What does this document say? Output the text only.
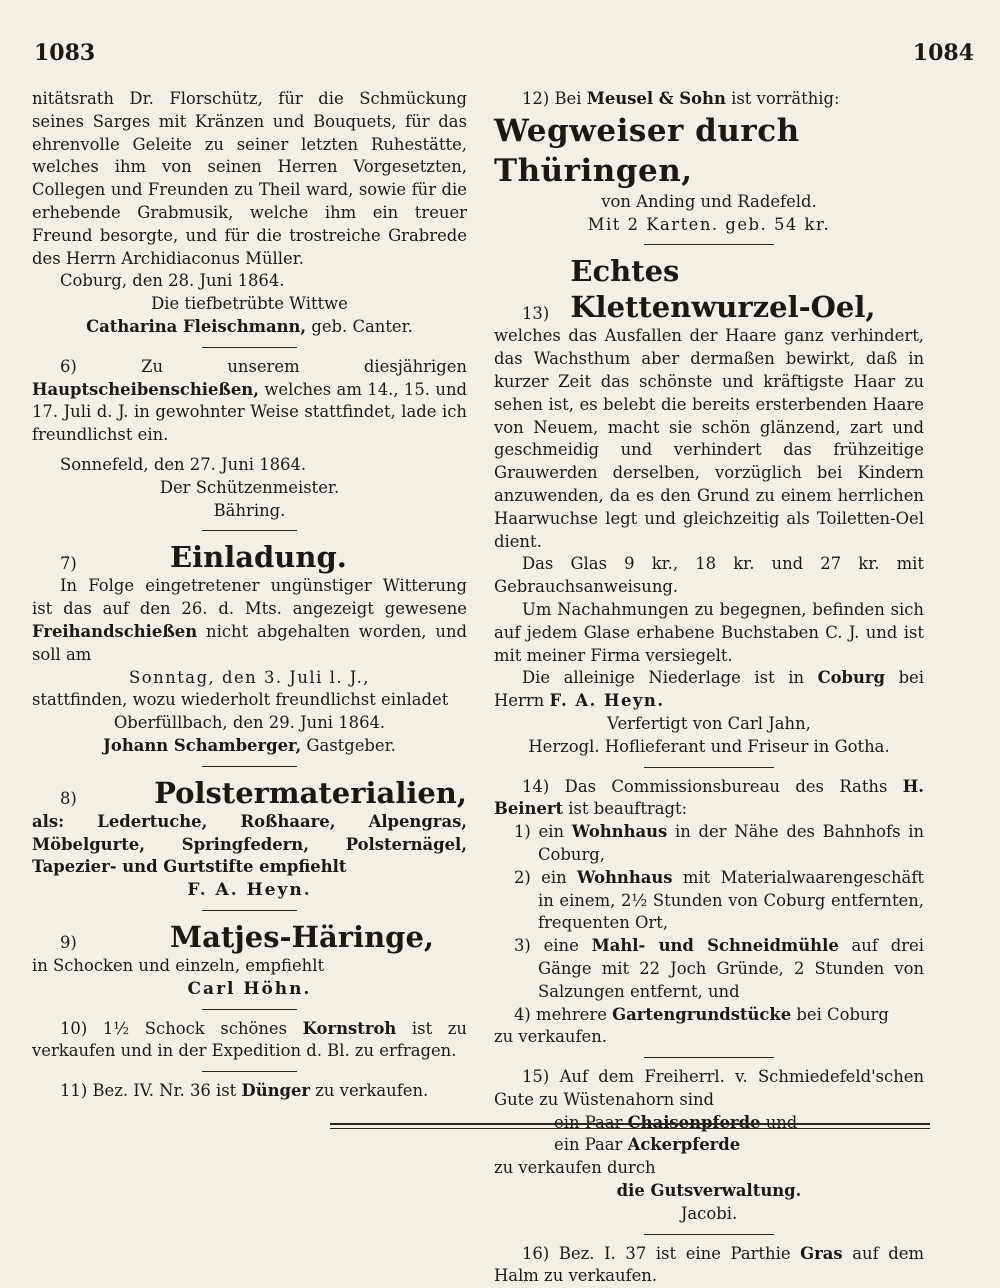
1083	1084

nitätsrath Dr. Florschütz, für die Schmückung seines Sarges mit Kränzen und Bouquets, für das ehrenvolle Geleite zu seiner letzten Ruhestätte, welches ihm von seinen Herren Vorgesetzten, Collegen und Freunden zu Theil ward, sowie für die erhebende Grabmusik, welche ihm ein treuer Freund besorgte, und für die trostreiche Grabrede des Herrn Archidiaconus Müller.

Coburg, den 28. Juni 1864.

Die tiefbetrübte Wittwe

Catharina Fleischmann, geb. Canter.

6)	Zu unserem diesjährigen Hauptscheibenschießen, welches am 14., 15. und 17. Juli d. J. in gewohnter Weise stattfindet, lade ich freundlichst ein.

Sonnefeld, den 27. Juni 1864.

Der Schützenmeister.

Bähring.

7)	Einladung.

In Folge eingetretener ungünstiger Witterung ist das auf den 26. d. Mts. angezeigt gewesene Freihandschießen nicht abgehalten worden, und soll am

Sonntag, den 3. Juli l. J.,

stattfinden, wozu wiederholt freundlichst einladet

Oberfüllbach, den 29. Juni 1864.

Johann Schamberger, Gastgeber.

8)	Polstermaterialien,

als: Ledertuche, Roßhaare, Alpengras, Möbelgurte, Springfedern, Polsternägel, Tapezier- und Gurtstifte empfiehlt

F. A. Heyn.

9)	Matjes-Häringe,

in Schocken und einzeln, empfiehlt

Carl Höhn.

10) 1½ Schock schönes Kornstroh ist zu verkaufen und in der Expedition d. Bl. zu erfragen.

11) Bez. IV. Nr. 36 ist Dünger zu verkaufen.

12) Bei Meusel & Sohn ist vorräthig:

Wegweiser durch Thüringen,

von Anding und Radefeld.

Mit 2 Karten. geb. 54 kr.

13)
Echtes Klettenwurzel-Oel,

welches das Ausfallen der Haare ganz verhindert, das Wachsthum aber dermaßen bewirkt, daß in kurzer Zeit das schönste und kräftigste Haar zu sehen ist, es belebt die bereits ersterbenden Haare von Neuem, macht sie schön glänzend, zart und geschmeidig und verhindert das frühzeitige Grauwerden derselben, vorzüglich bei Kindern anzuwenden, da es den Grund zu einem herrlichen Haarwuchse legt und gleichzeitig als Toiletten-Oel dient.

Das Glas 9 kr., 18 kr. und 27 kr. mit Gebrauchsanweisung.

Um Nachahmungen zu begegnen, befinden sich auf jedem Glase erhabene Buchstaben C. J. und ist mit meiner Firma versiegelt.

Die alleinige Niederlage ist in Coburg bei Herrn F. A. Heyn.

Verfertigt von Carl Jahn,

Herzogl. Hoflieferant und Friseur in Gotha.

14) Das Commissionsbureau des Raths H. Beinert ist beauftragt:

1) ein Wohnhaus in der Nähe des Bahnhofs in Coburg,

2) ein Wohnhaus mit Materialwaarengeschäft in einem, 2½ Stunden von Coburg entfernten, frequenten Ort,

3) eine Mahl- und Schneidmühle auf drei Gänge mit 22 Joch Gründe, 2 Stunden von Salzungen entfernt, und

4) mehrere Gartengrundstücke bei Coburg

zu verkaufen.

15) Auf dem Freiherrl. v. Schmiedefeld'schen Gute zu Wüstenahorn sind

ein Paar Chaisenpferde und

ein Paar Ackerpferde

zu verkaufen durch

die Gutsverwaltung.

Jacobi.

16) Bez. I. 37 ist eine Parthie Gras auf dem Halm zu verkaufen.
